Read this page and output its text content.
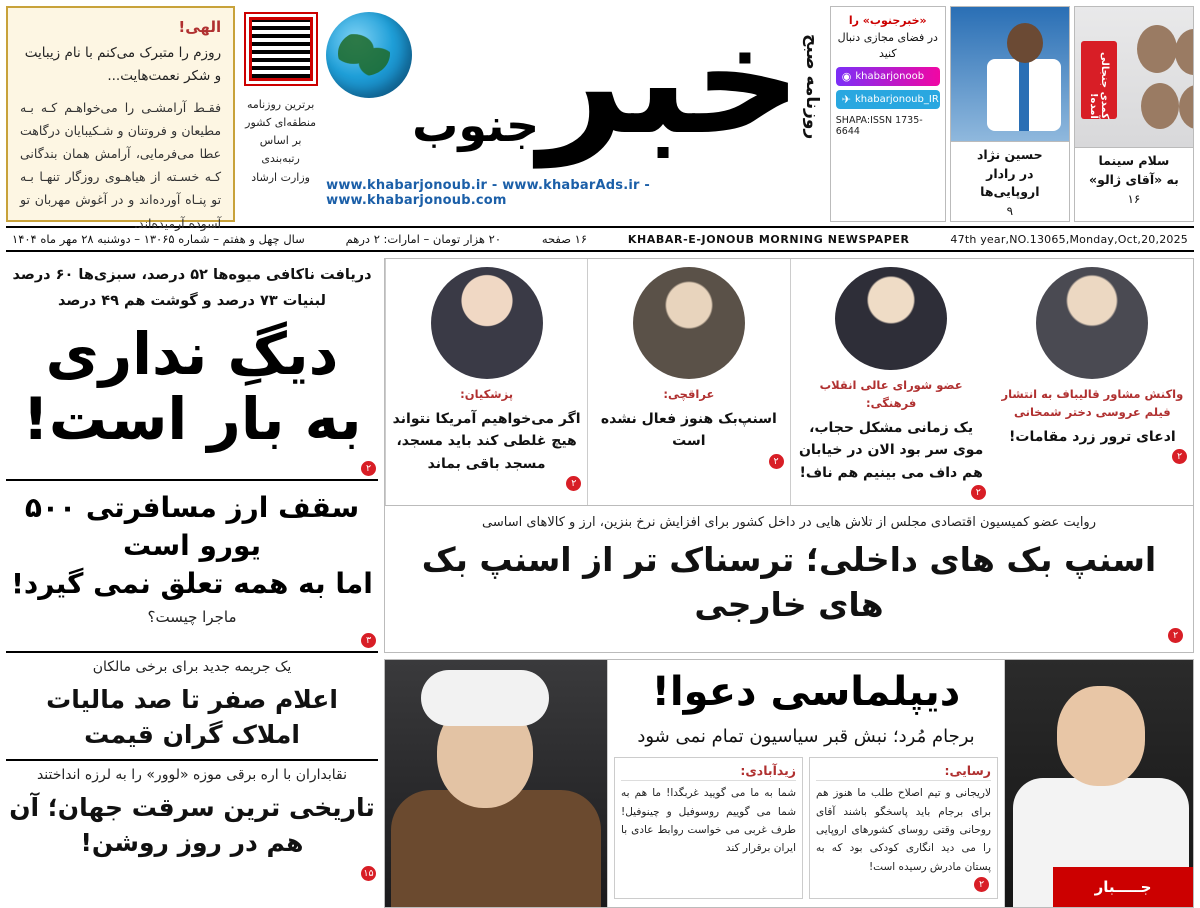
الهی!
روزم را متبرک می‌کنم با نام زیبایت و شکر نعمت‌هایت...
فقـط آرامشـی را می‌خواهـم کـه بـه مطیعان و فروتنان و شـکیبایان درگاهت عطا می‌فرمایی، آرامش همان بندگانی کـه خسـته از هیاهـوی روزگار تنهـا بـه تو پنـاه آورده‌اند و در آغوش مهربان تو آسوده آرمیده‌اند.
برترین روزنامه
منطقه‌ای کشور
بر اساس
رتبه‌بندی
وزارت ارشاد
روزنامه صبح
خبر
جنوب
www.khabarjonoub.ir - www.khabarAds.ir - www.khabarjonoub.com
«خبرجنوب» را
در فضای مجازی دنبال کنید
◉ khabarjonoob
✈ khabarjonoub_IR
SHAPA:ISSN 1735-6644
حسین نژاد
در رادار اروپایی‌ها
۹
کمدی جنجالی آمده!
سلام سینما
به «آقای ژالو»
۱۶
سال چهل و هفتم – شماره ۱۳۰۶۵ – دوشنبه ۲۸ مهر ماه ۱۴۰۴	۲۰ هزار تومان – امارات: ۲ درهم	۱۶ صفحه	KHABAR-E-JONOUB MORNING NEWSPAPER	47th year,NO.13065,Monday,Oct,20,2025
دریافت ناکافی میوه‌ها ۵۲ درصد، سبزی‌ها ۶۰ درصد
لبنیات ۷۳ درصد و گوشت هم ۴۹ درصد
دیگِ نداری
به بار است!
۲
سقف ارز مسافرتی ۵۰۰ یورو است
اما به همه تعلق نمی گیرد!
ماجرا چیست؟
۳
یک جریمه جدید برای برخی مالکان
اعلام صفر تا صد مالیات املاک گران قیمت
نقابداران با اره برقی موزه «لوور» را به لرزه انداختند
تاریخی ترین سرقت جهان؛ آن هم در روز روشن!
۱۵
پزشکیان:
اگر می‌خواهیم آمریکا نتواند هیچ غلطی کند باید مسجد، مسجد باقی بماند
۲
عراقچی:
اسنپ‌بک هنوز فعال نشده است
۲
عضو شورای عالی انقلاب فرهنگی:
یک زمانی مشکل حجاب، موی سر بود الان در خیابان هم داف می بینیم هم ناف!
۲
واکنش مشاور قالیباف به انتشار فیلم عروسی دختر شمخانی
ادعای ترور زرد مقامات!
۲
روایت عضو کمیسیون اقتصادی مجلس از تلاش هایی در داخل کشور برای افزایش نرخ بنزین، ارز و کالاهای اساسی
اسنپ بک های داخلی؛ ترسناک تر از اسنپ بک های خارجی
۲
دیپلماسی دعوا!
برجام مُرد؛ نبش قبر سیاسیون تمام نمی شود
زیدآبادی:
شما به ما می گویید غربگدا! ما هم به شما می گوییم روسوفیل و چینوفیل! طرف غربی می خواست روابط عادی با ایران برقرار کند
رسایی:
لاریجانی و تیم اصلاح طلب ما هنوز هم برای برجام باید پاسخگو باشند آقای روحانی وقتی روسای کشورهای اروپایی را می دید انگاری کودکی بود که به پستان مادرش رسیده است!
۲	جـــــبار
